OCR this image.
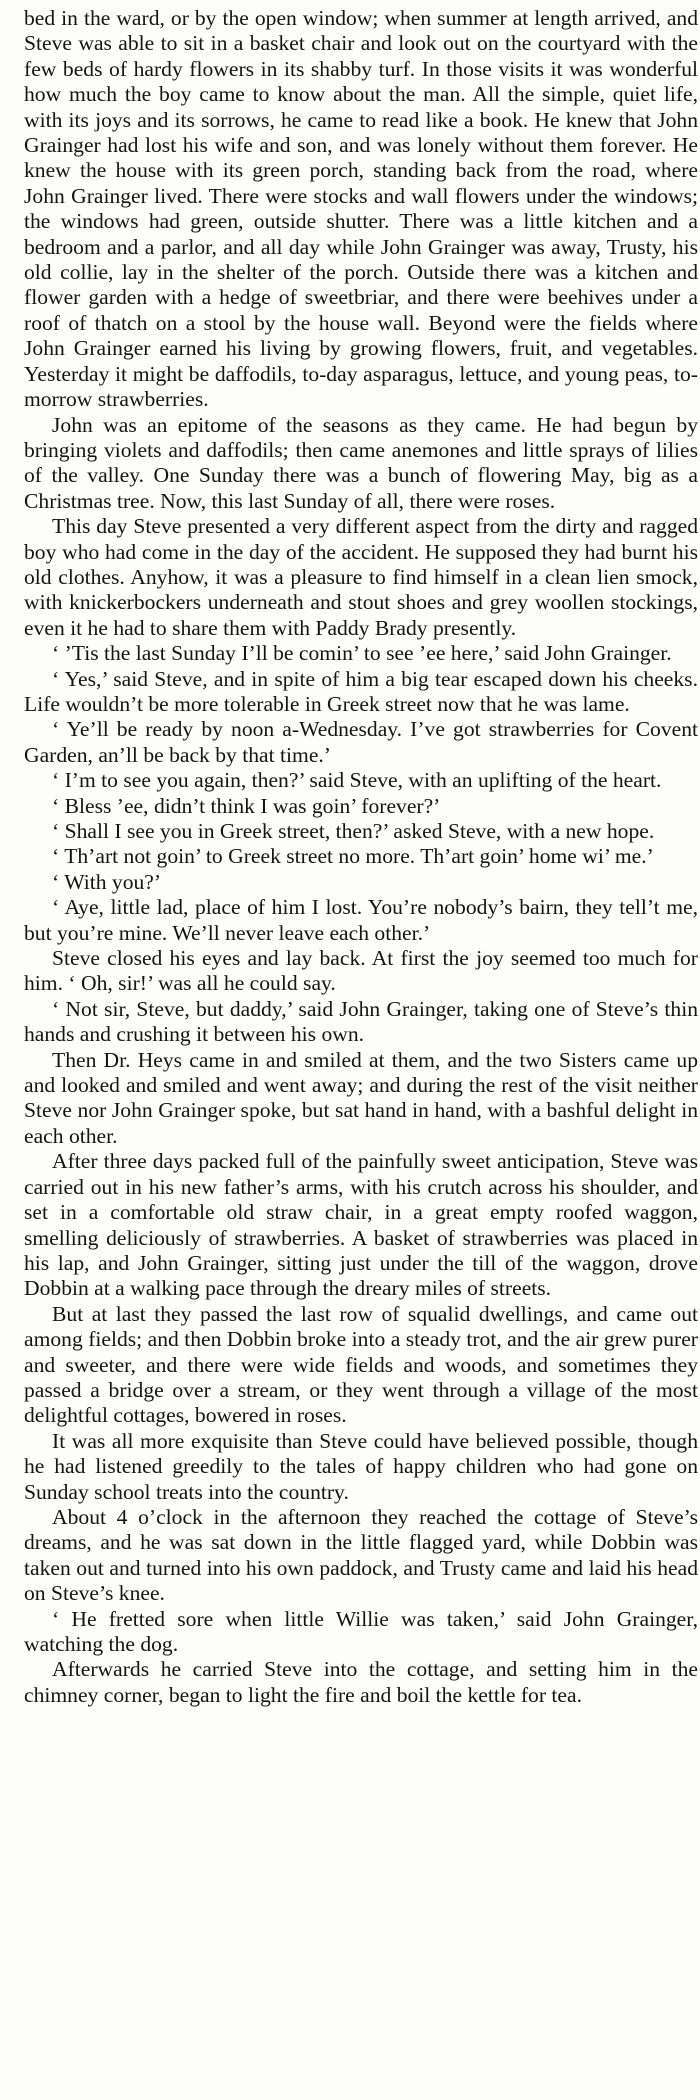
bed in the ward, or by the open window; when summer at length arrived, and Steve was able to sit in a basket chair and look out on the courtyard with the few beds of hardy flowers in its shabby turf. In those visits it was wonderful how much the boy came to know about the man. All the simple, quiet life, with its joys and its sorrows, he came to read like a book. He knew that John Grainger had lost his wife and son, and was lonely without them forever. He knew the house with its green porch, standing back from the road, where John Grainger lived. There were stocks and wall flowers under the windows; the windows had green, outside shutter. There was a little kitchen and a bedroom and a parlor, and all day while John Grainger was away, Trusty, his old collie, lay in the shelter of the porch. Outside there was a kitchen and flower garden with a hedge of sweetbriar, and there were beehives under a roof of thatch on a stool by the house wall. Beyond were the fields where John Grainger earned his living by growing flowers, fruit, and vegetables. Yesterday it might be daffodils, to-day asparagus, lettuce, and young peas, to-morrow strawberries.

John was an epitome of the seasons as they came. He had begun by bringing violets and daffodils; then came anemones and little sprays of lilies of the valley. One Sunday there was a bunch of flowering May, big as a Christmas tree. Now, this last Sunday of all, there were roses.

This day Steve presented a very different aspect from the dirty and ragged boy who had come in the day of the accident. He supposed they had burnt his old clothes. Anyhow, it was a pleasure to find himself in a clean lien smock, with knickerbockers underneath and stout shoes and grey woollen stockings, even it he had to share them with Paddy Brady presently.

‘ ’Tis the last Sunday I’ll be comin’ to see ’ee here,’ said John Grainger.

‘ Yes,’ said Steve, and in spite of him a big tear escaped down his cheeks. Life wouldn’t be more tolerable in Greek street now that he was lame.

‘ Ye’ll be ready by noon a-Wednesday. I’ve got strawberries for Covent Garden, an’ll be back by that time.’

‘ I’m to see you again, then?’ said Steve, with an uplifting of the heart.

‘ Bless ’ee, didn’t think I was goin’ forever?’

‘ Shall I see you in Greek street, then?’ asked Steve, with a new hope.

‘ Th’art not goin’ to Greek street no more. Th’art goin’ home wi’ me.’

‘ With you?’

‘ Aye, little lad, place of him I lost. You’re nobody’s bairn, they tell’t me, but you’re mine. We’ll never leave each other.’

Steve closed his eyes and lay back. At first the joy seemed too much for him. ‘ Oh, sir!’ was all he could say.

‘ Not sir, Steve, but daddy,’ said John Grainger, taking one of Steve’s thin hands and crushing it between his own.

Then Dr. Heys came in and smiled at them, and the two Sisters came up and looked and smiled and went away; and during the rest of the visit neither Steve nor John Grainger spoke, but sat hand in hand, with a bashful delight in each other.

After three days packed full of the painfully sweet anticipation, Steve was carried out in his new father’s arms, with his crutch across his shoulder, and set in a comfortable old straw chair, in a great empty roofed waggon, smelling deliciously of strawberries. A basket of strawberries was placed in his lap, and John Grainger, sitting just under the till of the waggon, drove Dobbin at a walking pace through the dreary miles of streets.

But at last they passed the last row of squalid dwellings, and came out among fields; and then Dobbin broke into a steady trot, and the air grew purer and sweeter, and there were wide fields and woods, and sometimes they passed a bridge over a stream, or they went through a village of the most delightful cottages, bowered in roses.

It was all more exquisite than Steve could have believed possible, though he had listened greedily to the tales of happy children who had gone on Sunday school treats into the country.

About 4 o’clock in the afternoon they reached the cottage of Steve’s dreams, and he was sat down in the little flagged yard, while Dobbin was taken out and turned into his own paddock, and Trusty came and laid his head on Steve’s knee.

‘ He fretted sore when little Willie was taken,’ said John Grainger, watching the dog.

Afterwards he carried Steve into the cottage, and setting him in the chimney corner, began to light the fire and boil the kettle for tea.
